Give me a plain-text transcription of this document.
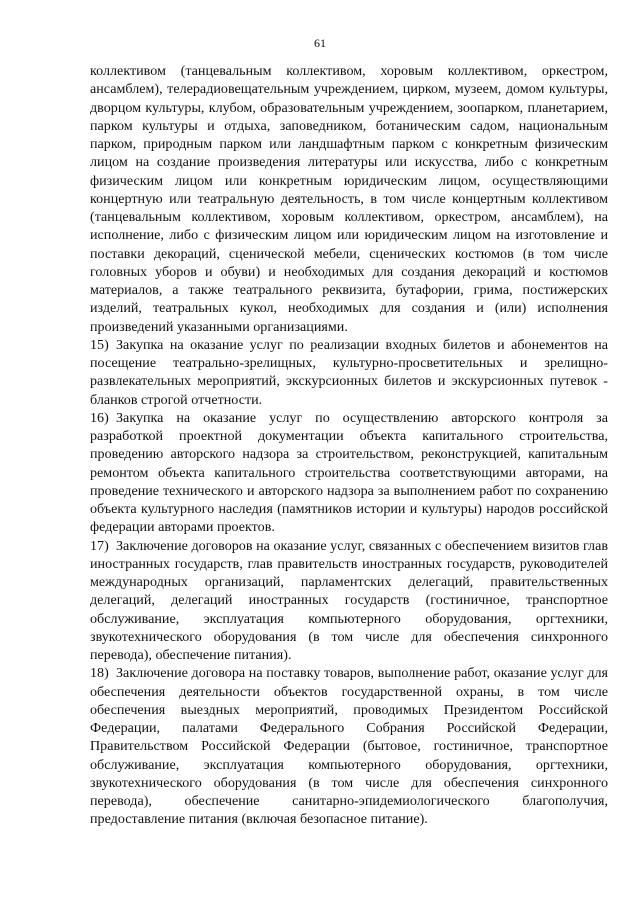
61

коллективом (танцевальным коллективом, хоровым коллективом, оркестром, ансамблем), телерадиовещательным учреждением, цирком, музеем, домом культуры, дворцом культуры, клубом, образовательным учреждением, зоопарком, планетарием, парком культуры и отдыха, заповедником, ботаническим садом, национальным парком, природным парком или ландшафтным парком с конкретным физическим лицом на создание произведения литературы или искусства, либо с конкретным физическим лицом или конкретным юридическим лицом, осуществляющими концертную или театральную деятельность, в том числе концертным коллективом (танцевальным коллективом, хоровым коллективом, оркестром, ансамблем), на исполнение, либо с физическим лицом или юридическим лицом на изготовление и поставки декораций, сценической мебели, сценических костюмов (в том числе головных уборов и обуви) и необходимых для создания декораций и костюмов материалов, а также театрального реквизита, бутафории, грима, постижерских изделий, театральных кукол, необходимых для создания и (или) исполнения произведений указанными организациями.

15) Закупка на оказание услуг по реализации входных билетов и абонементов на посещение театрально-зрелищных, культурно-просветительных и зрелищно-развлекательных мероприятий, экскурсионных билетов и экскурсионных путевок - бланков строгой отчетности.

16) Закупка на оказание услуг по осуществлению авторского контроля за разработкой проектной документации объекта капитального строительства, проведению авторского надзора за строительством, реконструкцией, капитальным ремонтом объекта капитального строительства соответствующими авторами, на проведение технического и авторского надзора за выполнением работ по сохранению объекта культурного наследия (памятников истории и культуры) народов российской федерации авторами проектов.

17) Заключение договоров на оказание услуг, связанных с обеспечением визитов глав иностранных государств, глав правительств иностранных государств, руководителей международных организаций, парламентских делегаций, правительственных делегаций, делегаций иностранных государств (гостиничное, транспортное обслуживание, эксплуатация компьютерного оборудования, оргтехники, звукотехнического оборудования (в том числе для обеспечения синхронного перевода), обеспечение питания).

18) Заключение договора на поставку товаров, выполнение работ, оказание услуг для обеспечения деятельности объектов государственной охраны, в том числе обеспечения выездных мероприятий, проводимых Президентом Российской Федерации, палатами Федерального Собрания Российской Федерации, Правительством Российской Федерации (бытовое, гостиничное, транспортное обслуживание, эксплуатация компьютерного оборудования, оргтехники, звукотехнического оборудования (в том числе для обеспечения синхронного перевода), обеспечение санитарно-эпидемиологического благополучия, предоставление питания (включая безопасное питание).
